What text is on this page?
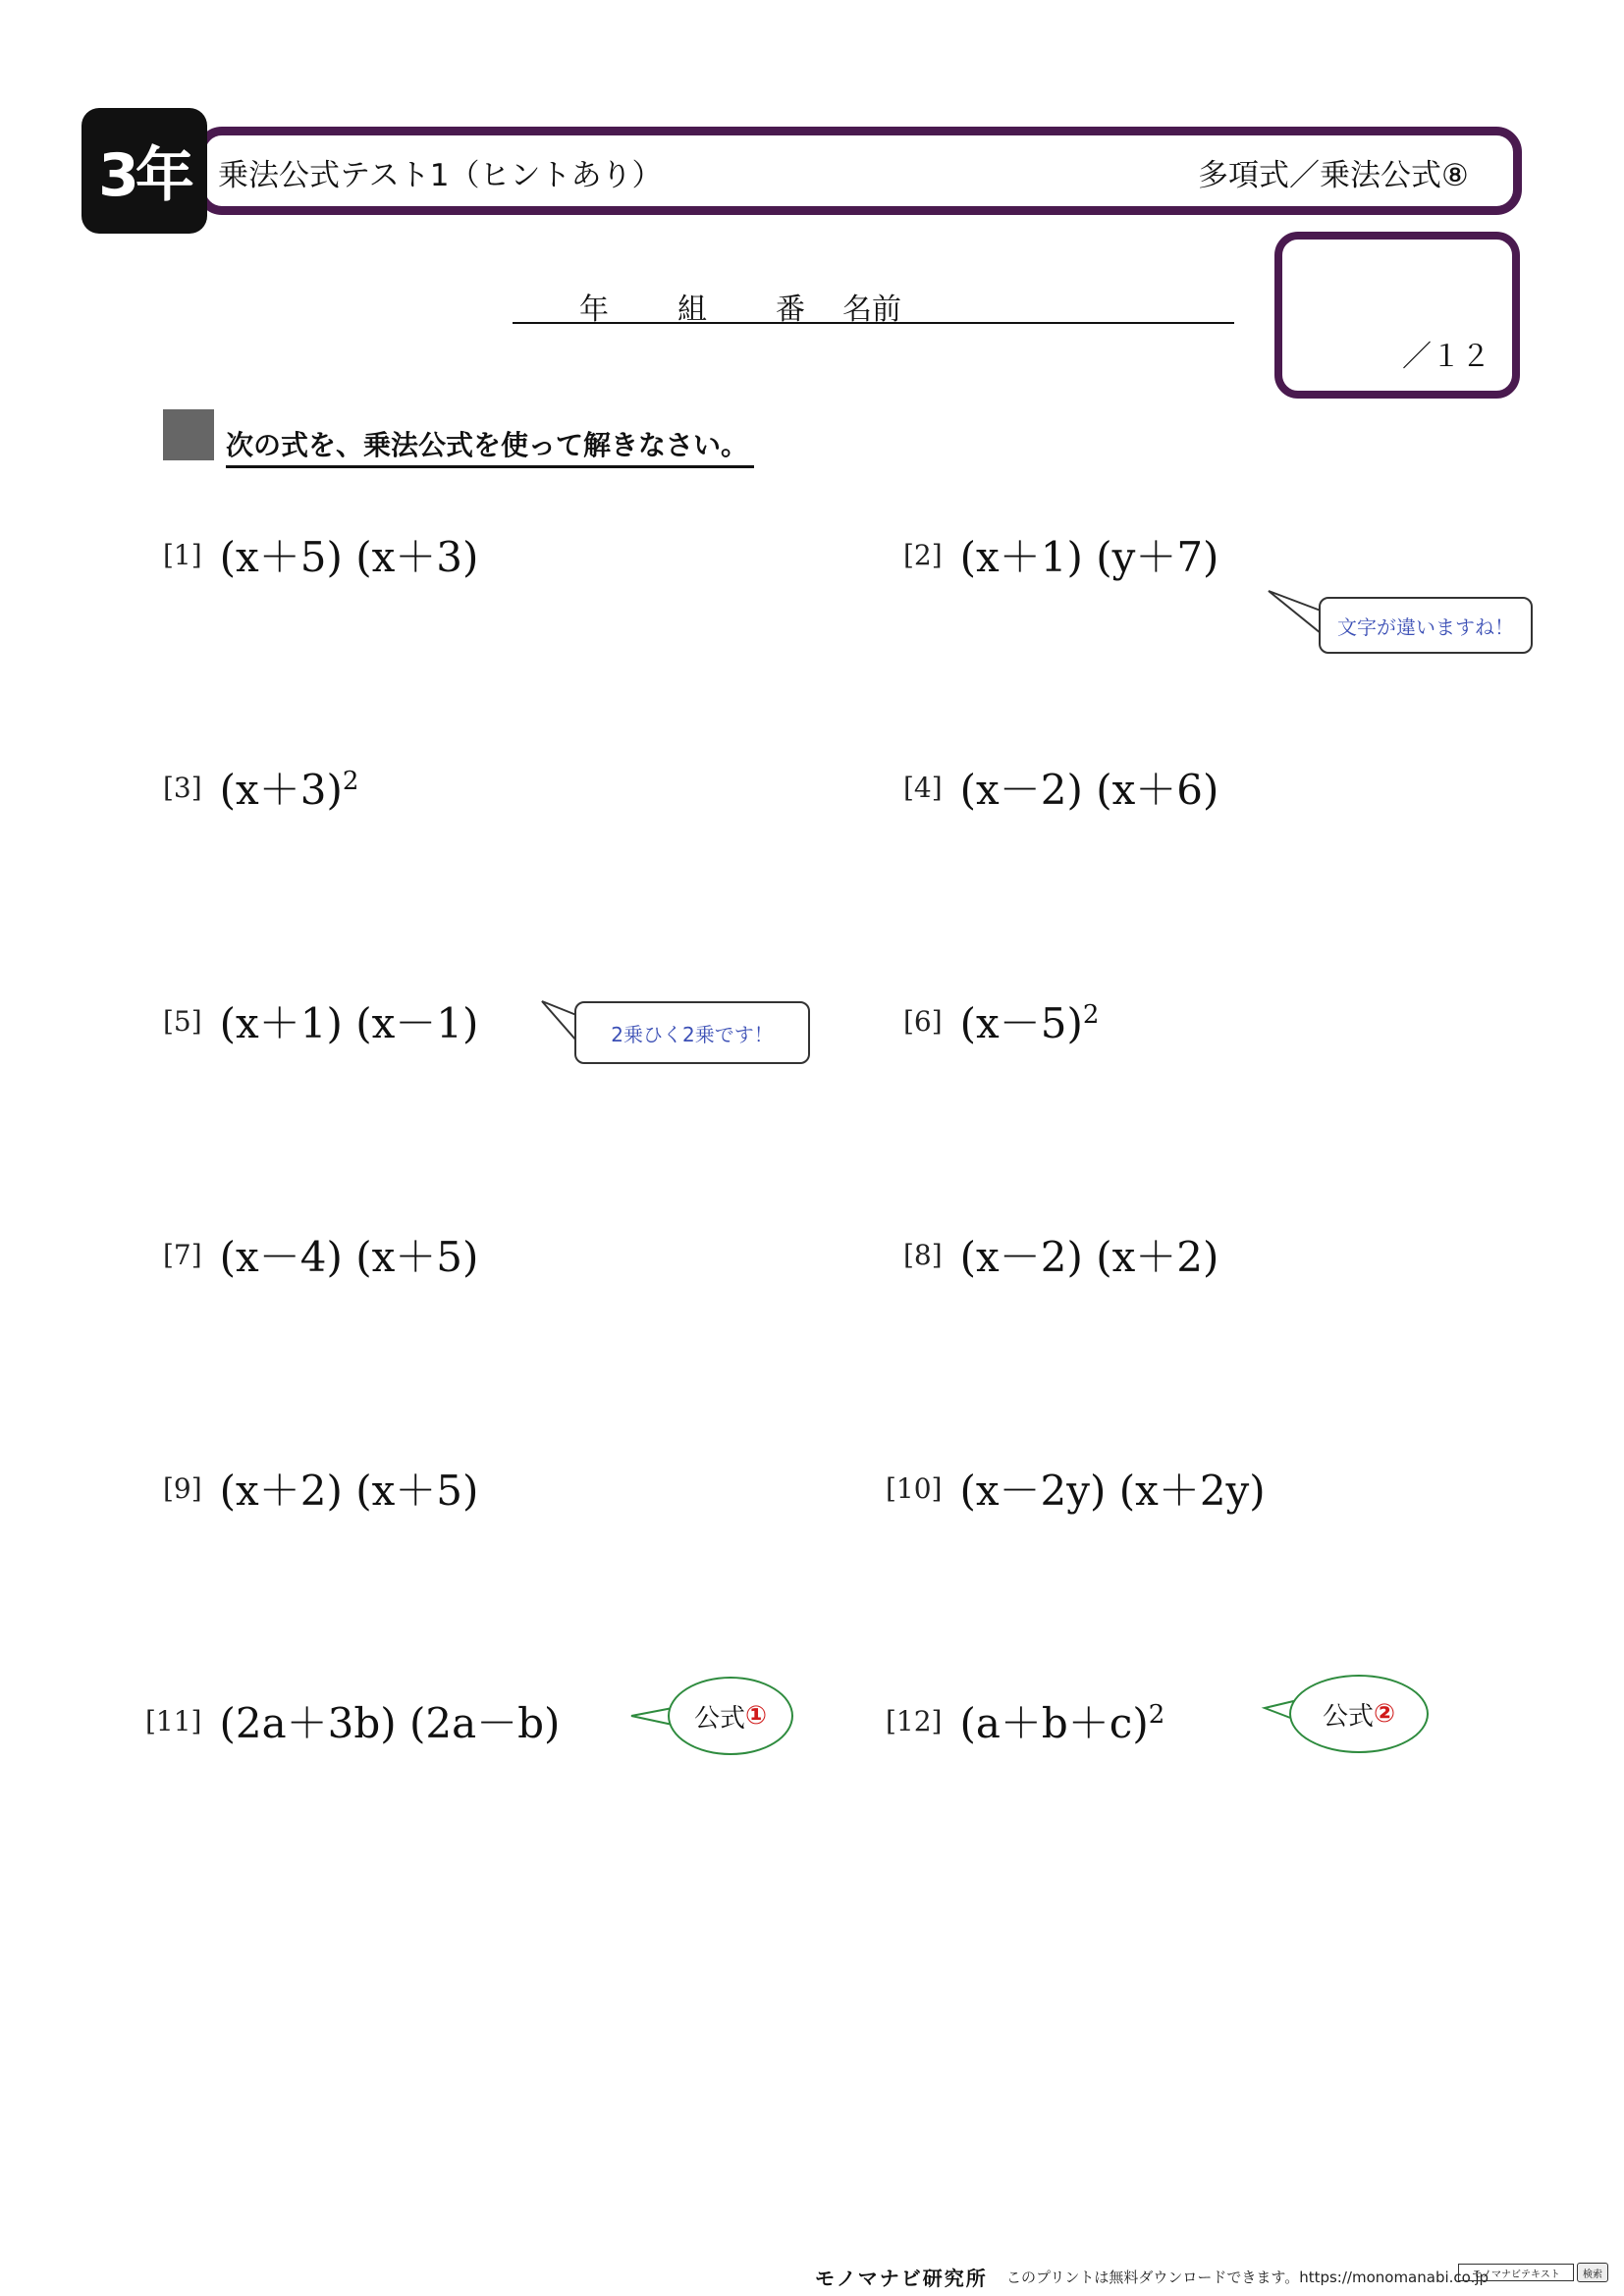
3年 乗法公式テスト1（ヒントあり）	多項式／乗法公式⑧
年 組 番 名前
／１２
次の式を、乗法公式を使って解きなさい。
[1] (x＋5) (x＋3)
[3] $(x+3)^2$
[5] (x＋1) (x－1)
[7] (x－4) (x＋5)
[9] (x＋2) (x＋5)
[11] (2a＋3b) (2a－b)
[2] (x＋1) (y＋7)
[4] (x－2) (x＋6)
[6] $(x-5)^2$
[8] (x－2) (x＋2)
[10] (x－2y) (x＋2y)
[12] $(a+b+c)^2$
文字が違いますね！
2乗ひく2乗です！
公式 ①	公式 ②
モノマナビ研究所 このプリントは無料ダウンロードできます。https://monomanabi.co.jp
モノマナビテキスト	検索
